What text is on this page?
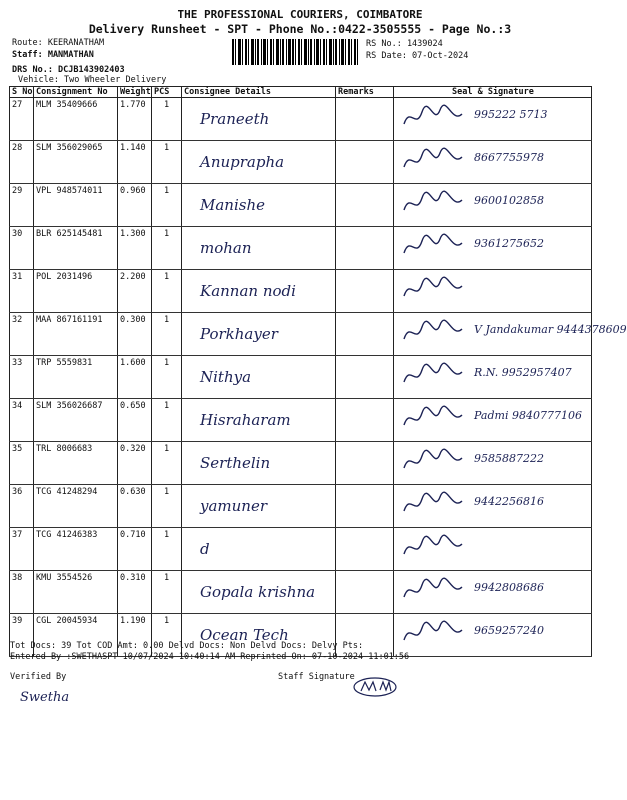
THE PROFESSIONAL COURIERS, COIMBATORE
Delivery Runsheet - SPT - Phone No.:0422-3505555 - Page No.:3
Route: KEERANATHAM
Staff: MANMATHAN
DRS No.: DCJB14390240З
Vehicle: Two Wheeler Delivery
RS No.: 1439024
RS Date: 07-Oct-2024
S No	Consignment No	Weight	PCS	Consignee Details	Remarks	Seal & Signature
27	MLM 35409666	1.770	1	Praneeth		995222 5713

28	SLM 356029065	1.140	1	Anuprapha		8667755978

29	VPL 948574011	0.960	1	Manishe		9600102858

30	BLR 625145481	1.300	1	mohan		9361275652

31	POL 2031496	2.200	1	Kannan nodi

32	MAA 867161191	0.300	1	Porkhayer		V Jandakumar 9444378609

33	TRP 5559831	1.600	1	Nithya		R.N. 9952957407

34	SLM 356026687	0.650	1	Hisraharam		Padmi 9840777106

35	TRL 8006683	0.320	1	Serthelin		9585887222

36	TCG 41248294	0.630	1	yamuner		9442256816

37	TCG 41246383	0.710	1	d

38	KMU 3554526	0.310	1	Gopala krishna		9942808686

39	CGL 20045934	1.190	1	Ocean Tech		9659257240
Tot Docs: 39 Tot COD Amt: 0.00 Delvd Docs: Non Delvd Docs: Delvy Pts:
Entered By :SWETHASPT 10/07/2024 10:40:14 AM Reprinted On: 07-10-2024 11:01:56
Verified By	Staff Signature
Swetha
